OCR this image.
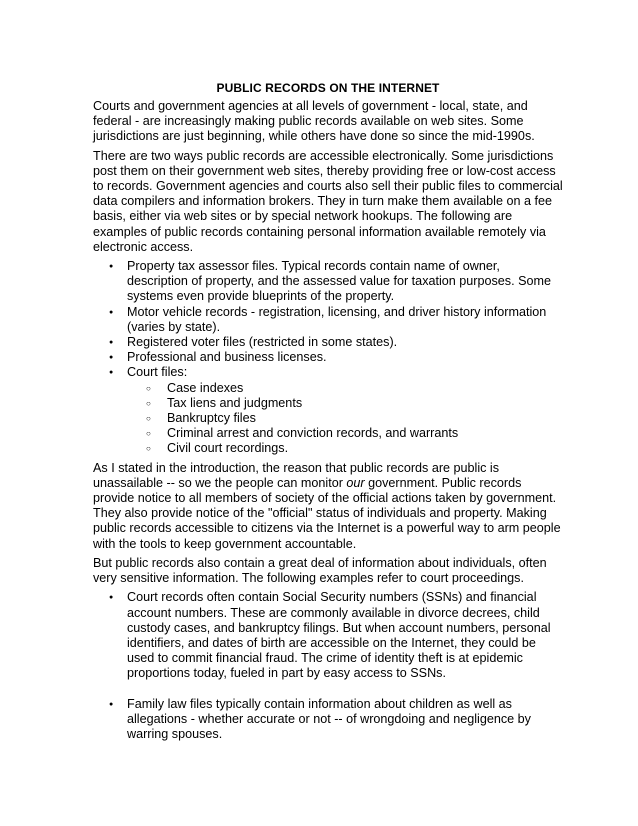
PUBLIC RECORDS ON THE INTERNET

Courts and government agencies at all levels of government - local, state, and federal - are increasingly making public records available on web sites. Some jurisdictions are just beginning, while others have done so since the mid-1990s.

There are two ways public records are accessible electronically. Some jurisdictions post them on their government web sites, thereby providing free or low-cost access to records. Government agencies and courts also sell their public files to commercial data compilers and information brokers. They in turn make them available on a fee basis, either via web sites or by special network hookups. The following are examples of public records containing personal information available remotely via electronic access.

● Property tax assessor files. Typical records contain name of owner, description of property, and the assessed value for taxation purposes. Some systems even provide blueprints of the property.
● Motor vehicle records - registration, licensing, and driver history information (varies by state).
● Registered voter files (restricted in some states).
● Professional and business licenses.
● Court files:
○ Case indexes
○ Tax liens and judgments
○ Bankruptcy files
○ Criminal arrest and conviction records, and warrants
○ Civil court recordings.

As I stated in the introduction, the reason that public records are public is unassailable -- so we the people can monitor our government. Public records provide notice to all members of society of the official actions taken by government. They also provide notice of the "official" status of individuals and property. Making public records accessible to citizens via the Internet is a powerful way to arm people with the tools to keep government accountable.

But public records also contain a great deal of information about individuals, often very sensitive information. The following examples refer to court proceedings.

● Court records often contain Social Security numbers (SSNs) and financial account numbers. These are commonly available in divorce decrees, child custody cases, and bankruptcy filings. But when account numbers, personal identifiers, and dates of birth are accessible on the Internet, they could be used to commit financial fraud. The crime of identity theft is at epidemic proportions today, fueled in part by easy access to SSNs.
● Family law files typically contain information about children as well as allegations - whether accurate or not -- of wrongdoing and negligence by warring spouses.
